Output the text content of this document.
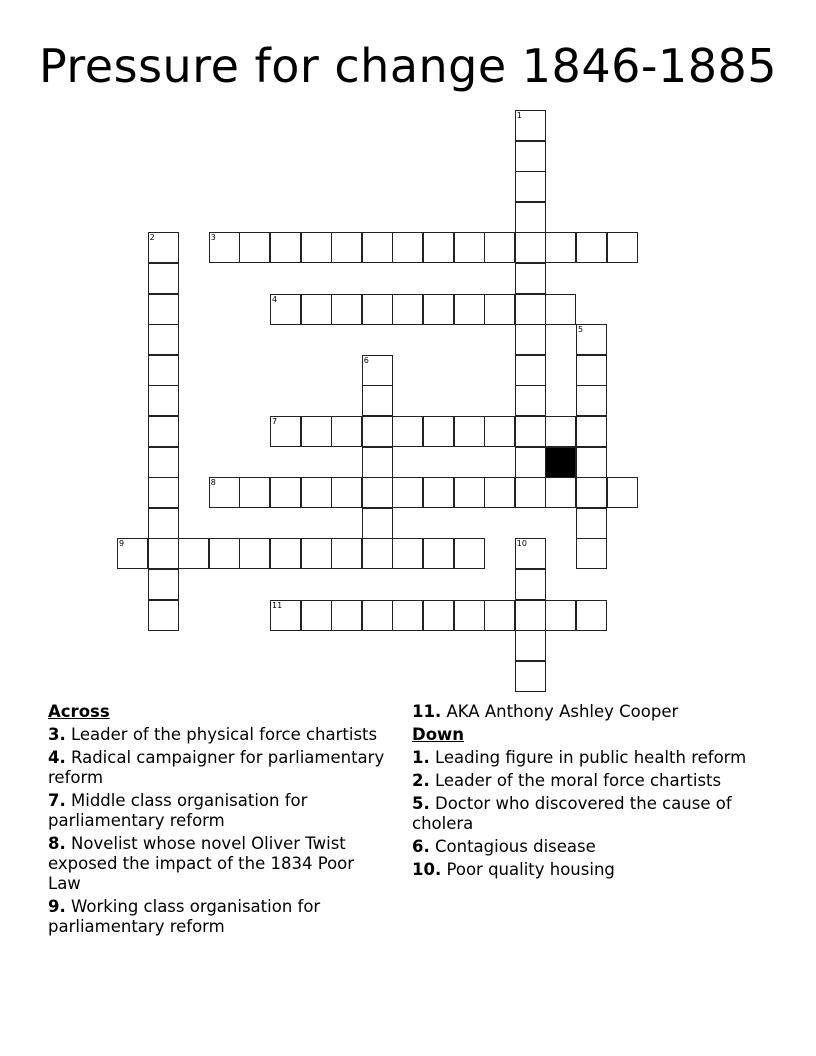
Pressure for change 1846-1885
1
2	3
4
5
6
7
8
9	10
11
Across
3. Leader of the physical force chartists
4. Radical campaigner for parliamentary reform
7. Middle class organisation for parliamentary reform
8. Novelist whose novel Oliver Twist exposed the impact of the 1834 Poor Law
9. Working class organisation for parliamentary reform
11. AKA Anthony Ashley Cooper
Down
1. Leading figure in public health reform
2. Leader of the moral force chartists
5. Doctor who discovered the cause of cholera
6. Contagious disease
10. Poor quality housing
